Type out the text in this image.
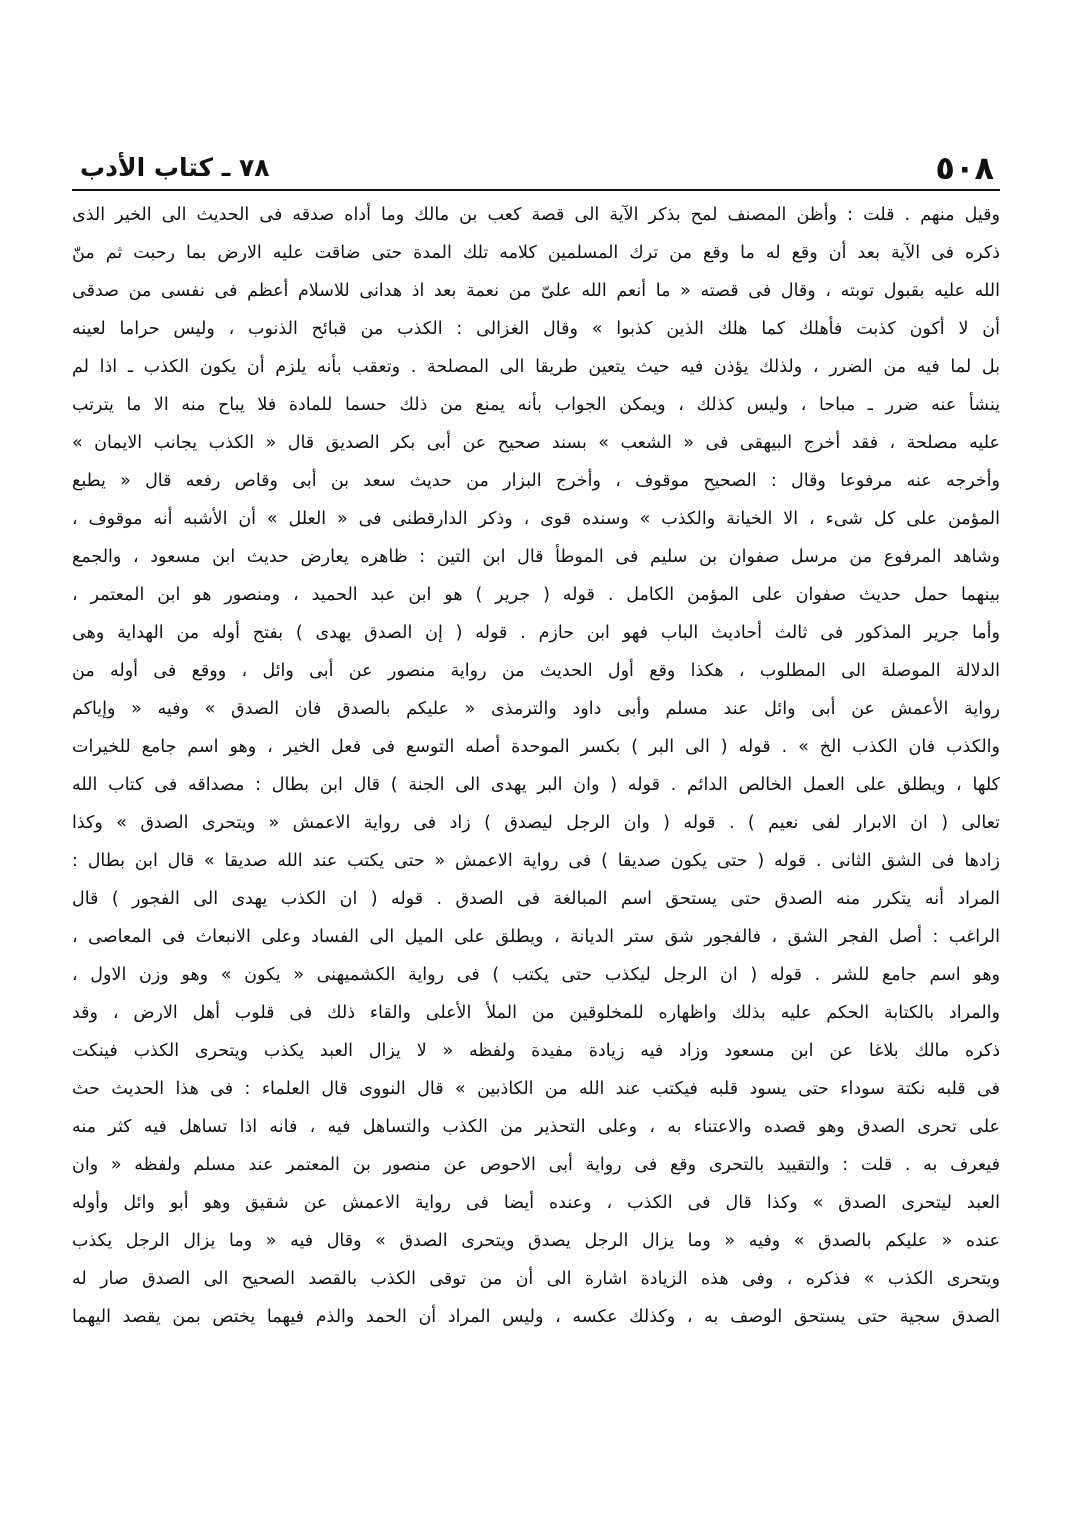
٥٠٨
٧٨ ـ كتاب الأدب
وقيل منهم . قلت : وأظن المصنف لمح بذكر الآية الى قصة كعب بن مالك وما أداه صدقه فى الحديث الى الخير الذى
ذكره فى الآية بعد أن وقع له ما وقع من ترك المسلمين كلامه تلك المدة حتى ضاقت عليه الارض بما رحبت ثم منّ
الله عليه بقبول توبته ، وقال فى قصته « ما أنعم الله علىّ من نعمة بعد اذ هدانى للاسلام أعظم فى نفسى من صدقى
أن لا أكون كذبت فأهلك كما هلك الذين كذبوا » وقال الغزالى : الكذب من قبائح الذنوب ، وليس حراما لعينه
بل لما فيه من الضرر ، ولذلك يؤذن فيه حيث يتعين طريقا الى المصلحة . وتعقب بأنه يلزم أن يكون الكذب ـ اذا لم
ينشأ عنه ضرر ـ مباحا ، وليس كذلك ، ويمكن الجواب بأنه يمنع من ذلك حسما للمادة فلا يباح منه الا ما يترتب
عليه مصلحة ، فقد أخرج البيهقى فى « الشعب » بسند صحيح عن أبى بكر الصديق قال « الكذب يجانب الايمان »
وأخرجه عنه مرفوعا وقال : الصحيح موقوف ، وأخرج البزار من حديث سعد بن أبى وقاص رفعه قال « يطبع
المؤمن على كل شىء ، الا الخيانة والكذب » وسنده قوى ، وذكر الدارقطنى فى « العلل » أن الأشبه أنه موقوف ،
وشاهد المرفوع من مرسل صفوان بن سليم فى الموطأ قال ابن التين : ظاهره يعارض حديث ابن مسعود ، والجمع
بينهما حمل حديث صفوان على المؤمن الكامل . قوله ( جرير ) هو ابن عبد الحميد ، ومنصور هو ابن المعتمر ،
وأما جرير المذكور فى ثالث أحاديث الباب فهو ابن حازم . قوله ( إن الصدق يهدى ) بفتح أوله من الهداية وهى
الدلالة الموصلة الى المطلوب ، هكذا وقع أول الحديث من رواية منصور عن أبى وائل ، ووقع فى أوله من
رواية الأعمش عن أبى وائل عند مسلم وأبى داود والترمذى « عليكم بالصدق فان الصدق » وفيه « وإياكم
والكذب فان الكذب الخ » . قوله ( الى البر ) بكسر الموحدة أصله التوسع فى فعل الخير ، وهو اسم جامع للخيرات
كلها ، ويطلق على العمل الخالص الدائم . قوله ( وان البر يهدى الى الجنة ) قال ابن بطال : مصداقه فى كتاب الله
تعالى ( ان الابرار لفى نعيم ) . قوله ( وان الرجل ليصدق ) زاد فى رواية الاعمش « ويتحرى الصدق » وكذا
زادها فى الشق الثانى . قوله ( حتى يكون صديقا ) فى رواية الاعمش « حتى يكتب عند الله صديقا » قال ابن بطال :
المراد أنه يتكرر منه الصدق حتى يستحق اسم المبالغة فى الصدق . قوله ( ان الكذب يهدى الى الفجور ) قال
الراغب : أصل الفجر الشق ، فالفجور شق ستر الديانة ، ويطلق على الميل الى الفساد وعلى الانبعاث فى المعاصى ،
وهو اسم جامع للشر . قوله ( ان الرجل ليكذب حتى يكتب ) فى رواية الكشميهنى « يكون » وهو وزن الاول ،
والمراد بالكتابة الحكم عليه بذلك واظهاره للمخلوقين من الملأ الأعلى والقاء ذلك فى قلوب أهل الارض ، وقد
ذكره مالك بلاغا عن ابن مسعود وزاد فيه زيادة مفيدة ولفظه « لا يزال العبد يكذب ويتحرى الكذب فينكت
فى قلبه نكتة سوداء حتى يسود قلبه فيكتب عند الله من الكاذبين » قال النووى قال العلماء : فى هذا الحديث حث
على تحرى الصدق وهو قصده والاعتناء به ، وعلى التحذير من الكذب والتساهل فيه ، فانه اذا تساهل فيه كثر منه
فيعرف به . قلت : والتقييد بالتحرى وقع فى رواية أبى الاحوص عن منصور بن المعتمر عند مسلم ولفظه « وان
العبد ليتحرى الصدق » وكذا قال فى الكذب ، وعنده أيضا فى رواية الاعمش عن شقيق وهو أبو وائل وأوله
عنده « عليكم بالصدق » وفيه « وما يزال الرجل يصدق ويتحرى الصدق » وقال فيه « وما يزال الرجل يكذب
ويتحرى الكذب » فذكره ، وفى هذه الزيادة اشارة الى أن من توقى الكذب بالقصد الصحيح الى الصدق صار له
الصدق سجية حتى يستحق الوصف به ، وكذلك عكسه ، وليس المراد أن الحمد والذم فيهما يختص بمن يقصد اليهما
